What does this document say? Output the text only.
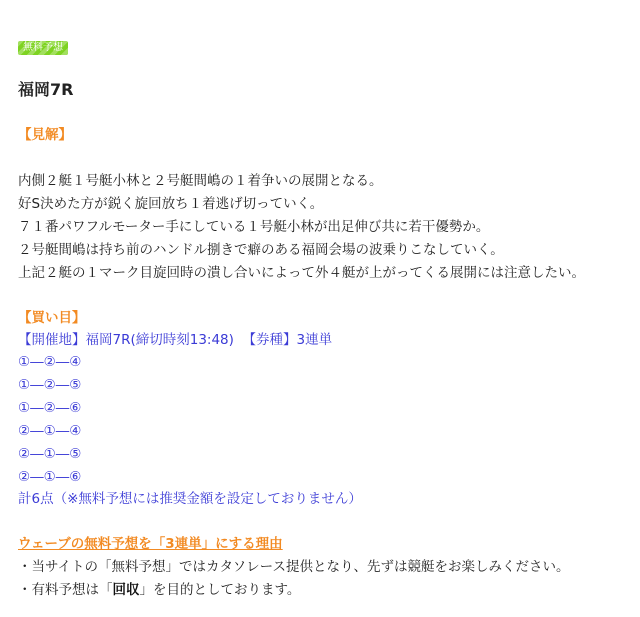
無料予想
福岡7R
【見解】
内側２艇１号艇小林と２号艇間嶋の１着争いの展開となる。
好S決めた方が鋭く旋回放ち１着逃げ切っていく。
７１番パワフルモーター手にしている１号艇小林が出足伸び共に若干優勢か。
２号艇間嶋は持ち前のハンドル捌きで癖のある福岡会場の波乗りこなしていく。
上記２艇の１マーク目旋回時の潰し合いによって外４艇が上がってくる展開には注意したい。
【買い目】
【開催地】福岡7R(締切時刻13:48) 【券種】3連単
①―②―④
①―②―⑤
①―②―⑥
②―①―④
②―①―⑤
②―①―⑥
計6点（※無料予想には推奨金額を設定しておりません）
ウェーブの無料予想を「3連単」にする理由
・当サイトの「無料予想」ではカタソレース提供となり、先ずは競艇をお楽しみください。
・有料予想は「回収」を目的としております。
